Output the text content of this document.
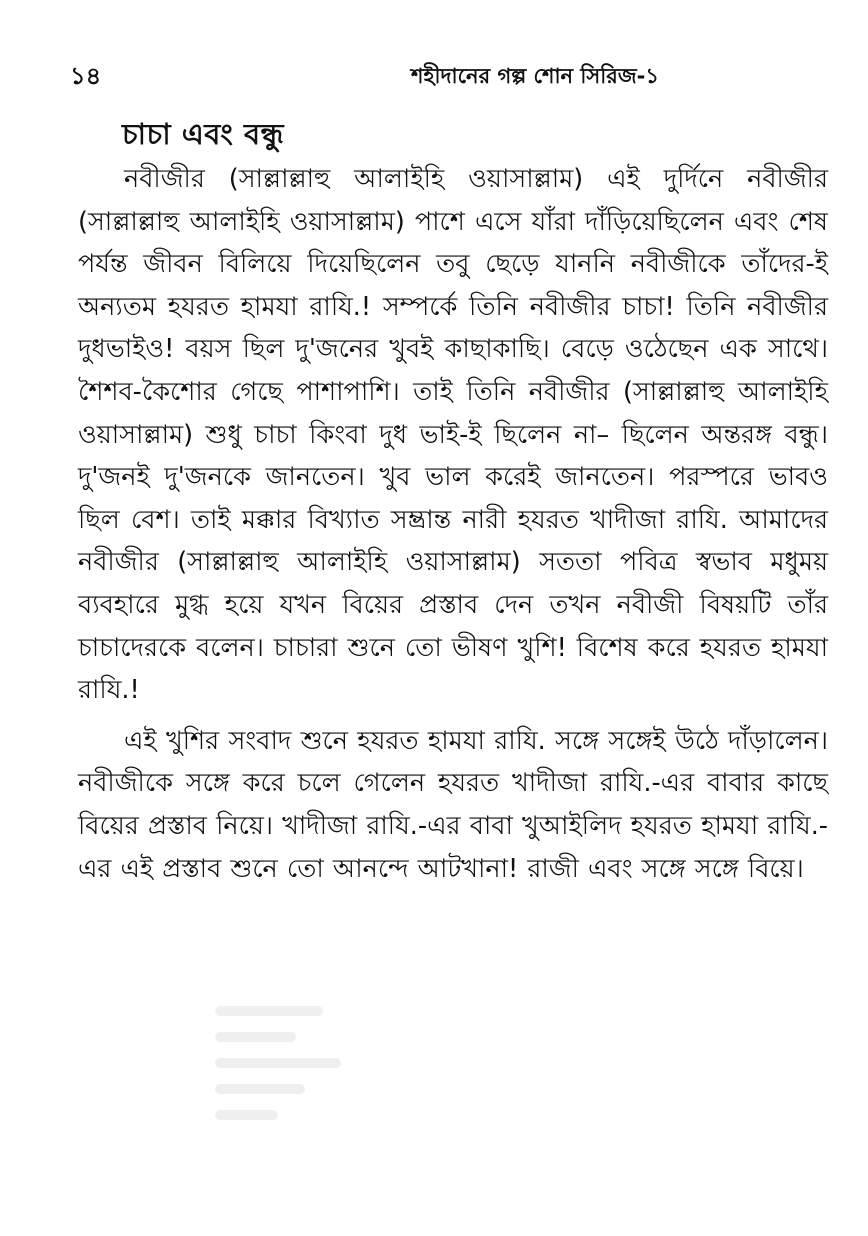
১৪	শহীদানের গল্প শোন সিরিজ-১
চাচা এবং বন্ধু

নবীজীর (সাল্লাল্লাহু আলাইহি ওয়াসাল্লাম) এই দুর্দিনে নবীজীর (সাল্লাল্লাহু আলাইহি ওয়াসাল্লাম) পাশে এসে যাঁরা দাঁড়িয়েছিলেন এবং শেষ পর্যন্ত জীবন বিলিয়ে দিয়েছিলেন তবু ছেড়ে যাননি নবীজীকে তাঁদের-ই অন্যতম হযরত হামযা রাযি.! সম্পর্কে তিনি নবীজীর চাচা! তিনি নবীজীর দুধভাইও! বয়স ছিল দু'জনের খুবই কাছাকাছি। বেড়ে ওঠেছেন এক সাথে। শৈশব-কৈশোর গেছে পাশাপাশি। তাই তিনি নবীজীর (সাল্লাল্লাহু আলাইহি ওয়াসাল্লাম) শুধু চাচা কিংবা দুধ ভাই-ই ছিলেন না– ছিলেন অন্তরঙ্গ বন্ধু। দু'জনই দু'জনকে জানতেন। খুব ভাল করেই জানতেন। পরস্পরে ভাবও ছিল বেশ। তাই মক্কার বিখ্যাত সম্ভ্রান্ত নারী হযরত খাদীজা রাযি. আমাদের নবীজীর (সাল্লাল্লাহু আলাইহি ওয়াসাল্লাম) সততা পবিত্র স্বভাব মধুময় ব্যবহারে মুগ্ধ হয়ে যখন বিয়ের প্রস্তাব দেন তখন নবীজী বিষয়টি তাঁর চাচাদেরকে বলেন। চাচারা শুনে তো ভীষণ খুশি! বিশেষ করে হযরত হামযা রাযি.!

এই খুশির সংবাদ শুনে হযরত হামযা রাযি. সঙ্গে সঙ্গেই উঠে দাঁড়ালেন। নবীজীকে সঙ্গে করে চলে গেলেন হযরত খাদীজা রাযি.-এর বাবার কাছে বিয়ের প্রস্তাব নিয়ে। খাদীজা রাযি.-এর বাবা খুআইলিদ হযরত হামযা রাযি.-এর এই প্রস্তাব শুনে তো আনন্দে আটখানা! রাজী এবং সঙ্গে সঙ্গে বিয়ে।
